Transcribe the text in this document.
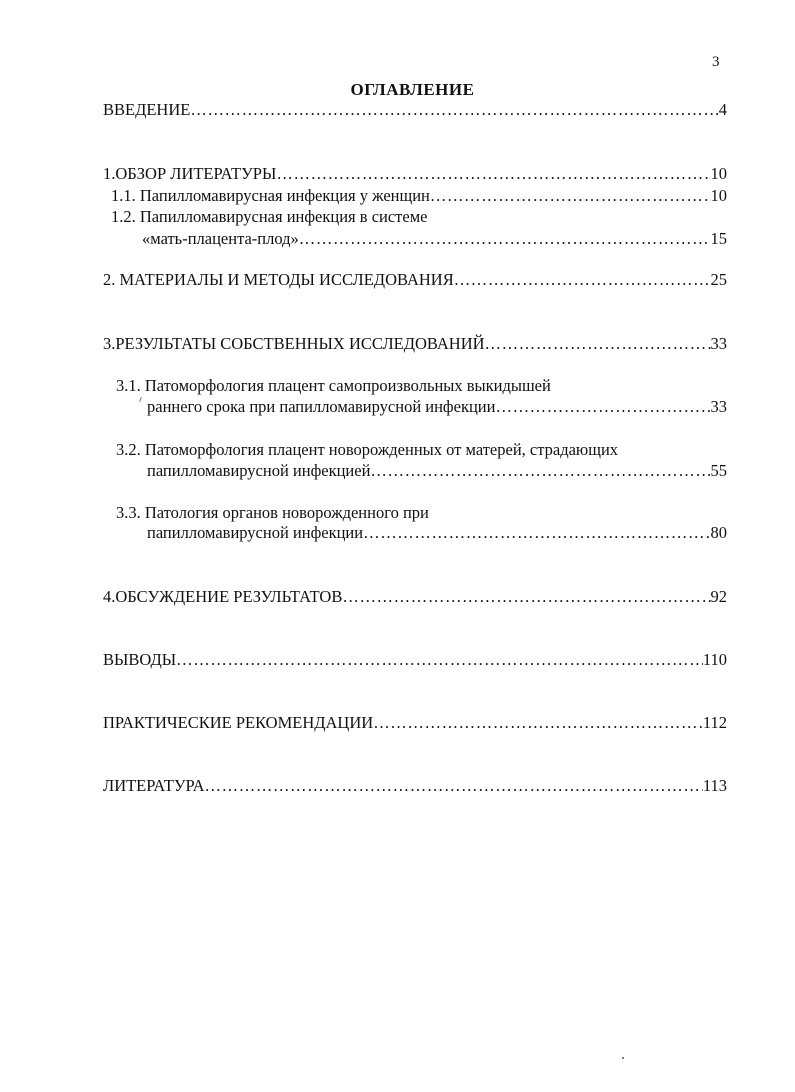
3
ОГЛАВЛЕНИЕ
ВВЕДЕНИЕ …………………………………………………………………………………………………………………………………………………………………………………………………	4
1.ОБЗОР ЛИТЕРАТУРЫ …………………………………………………………………………………………………………………………………………………………………………………………………	10
1.1. Папилломавирусная инфекция у женщин …………………………………………………………………………………………………………………………………………………………………………………………………	10
1.2. Папилломавирусная инфекция в системе
«мать-плацента-плод» …………………………………………………………………………………………………………………………………………………………………………………………………	15
2. МАТЕРИАЛЫ И МЕТОДЫ ИССЛЕДОВАНИЯ …………………………………………………………………………………………………………………………………………………………………………………………………	25
3.РЕЗУЛЬТАТЫ СОБСТВЕННЫХ ИССЛЕДОВАНИЙ …………………………………………………………………………………………………………………………………………………………………………………………………	33
3.1. Патоморфология плацент самопроизвольных выкидышей
раннего срока при папилломавирусной инфекции …………………………………………………………………………………………………………………………………………………………………………………………………	33
3.2. Патоморфология плацент новорожденных от матерей, страдающих
папилломавирусной инфекцией …………………………………………………………………………………………………………………………………………………………………………………………………	55
3.3. Патология органов новорожденного при
папилломавирусной инфекции …………………………………………………………………………………………………………………………………………………………………………………………………	80
4.ОБСУЖДЕНИЕ РЕЗУЛЬТАТОВ …………………………………………………………………………………………………………………………………………………………………………………………………	92
ВЫВОДЫ …………………………………………………………………………………………………………………………………………………………………………………………………	110
ПРАКТИЧЕСКИЕ РЕКОМЕНДАЦИИ …………………………………………………………………………………………………………………………………………………………………………………………………	112
ЛИТЕРАТУРА …………………………………………………………………………………………………………………………………………………………………………………………………	113
